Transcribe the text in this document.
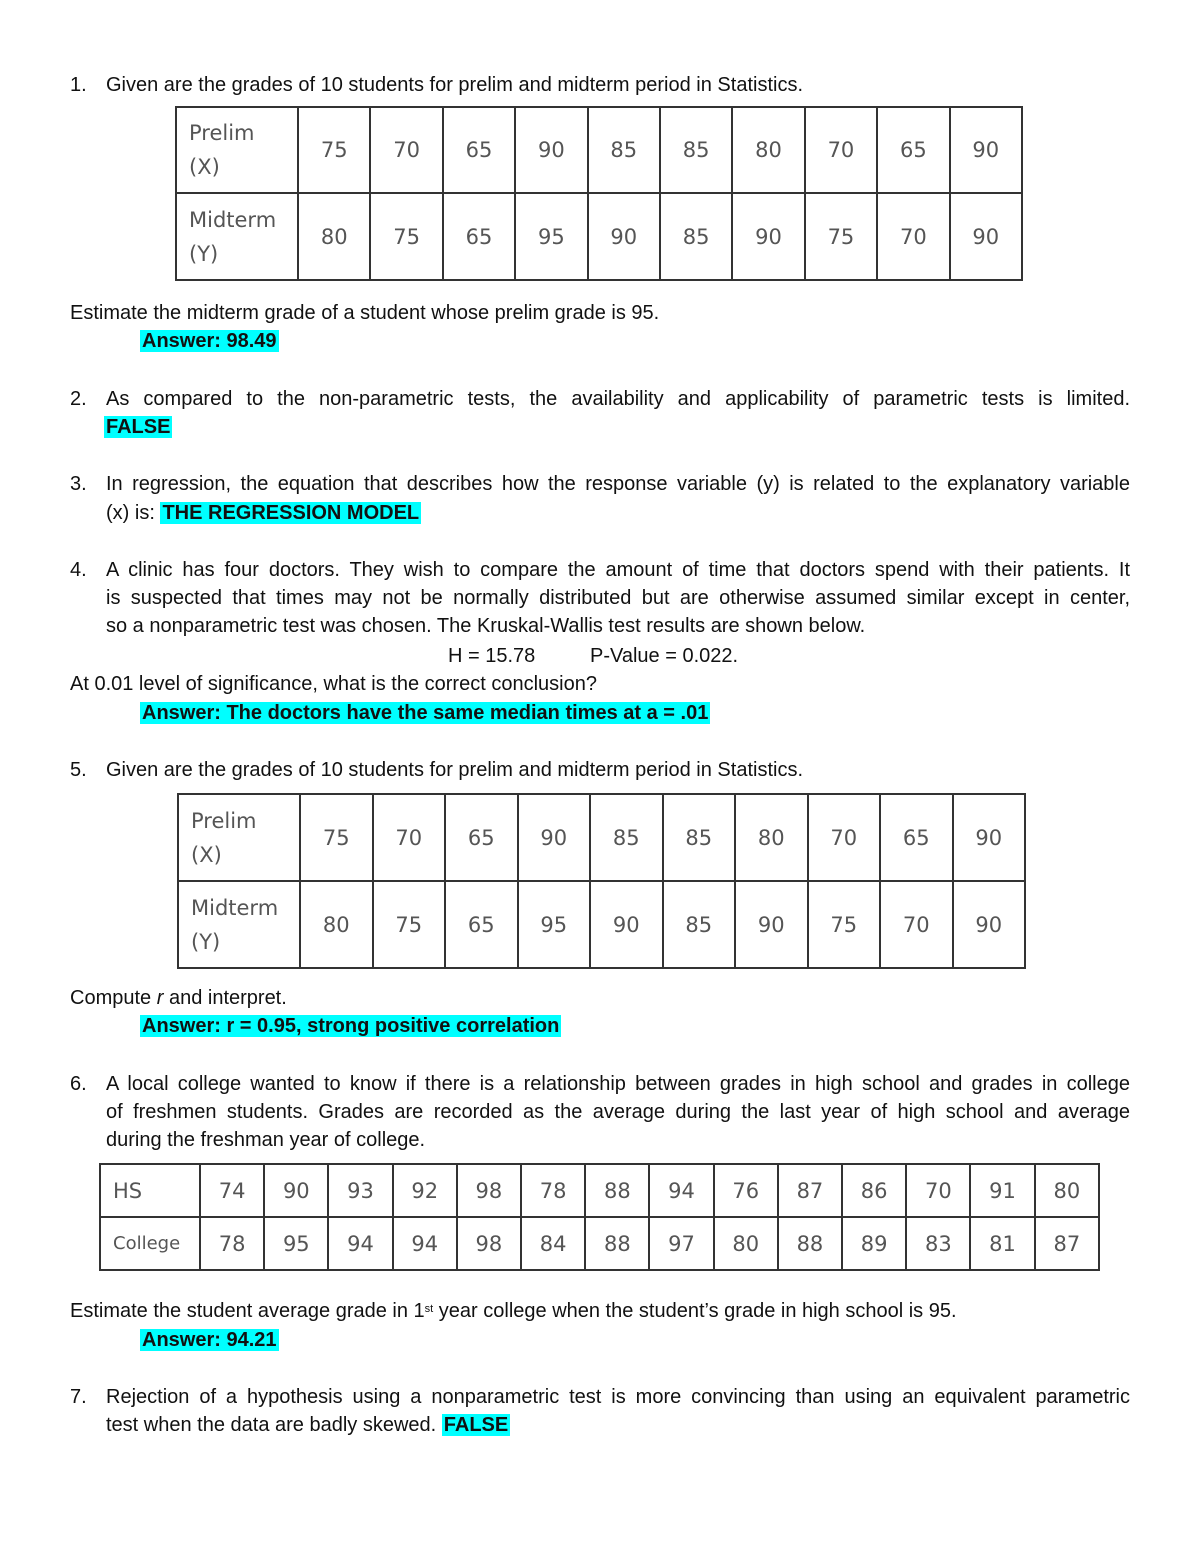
1. Given are the grades of 10 students for prelim and midterm period in Statistics.
Prelim
(X)	75	70	65	90	85	85	80	70	65	90

Midterm
(Y)	80	75	65	95	90	85	90	75	70	90
Estimate the midterm grade of a student whose prelim grade is 95.
Answer: 98.49
2. As compared to the non-parametric tests, the availability and applicability of parametric tests is limited.
FALSE
3. In regression, the equation that describes how the response variable (y) is related to the explanatory variable
(x) is: THE REGRESSION MODEL
4. A clinic has four doctors. They wish to compare the amount of time that doctors spend with their patients. It
is suspected that times may not be normally distributed but are otherwise assumed similar except in center,
so a nonparametric test was chosen. The Kruskal-Wallis test results are shown below.
H = 15.78	P-Value = 0.022.
At 0.01 level of significance, what is the correct conclusion?
Answer: The doctors have the same median times at a = .01
5. Given are the grades of 10 students for prelim and midterm period in Statistics.
Prelim
(X)	75	70	65	90	85	85	80	70	65	90

Midterm
(Y)	80	75	65	95	90	85	90	75	70	90
Compute r and interpret.
Answer: r = 0.95, strong positive correlation
6. A local college wanted to know if there is a relationship between grades in high school and grades in college
of freshmen students. Grades are recorded as the average during the last year of high school and average
during the freshman year of college.
HS	74	90	93	92	98	78	88	94	76	87	86	70	91	80
College	78	95	94	94	98	84	88	97	80	88	89	83	81	87
Estimate the student average grade in 1st year college when the student’s grade in high school is 95.
Answer: 94.21
7. Rejection of a hypothesis using a nonparametric test is more convincing than using an equivalent parametric
test when the data are badly skewed. FALSE
